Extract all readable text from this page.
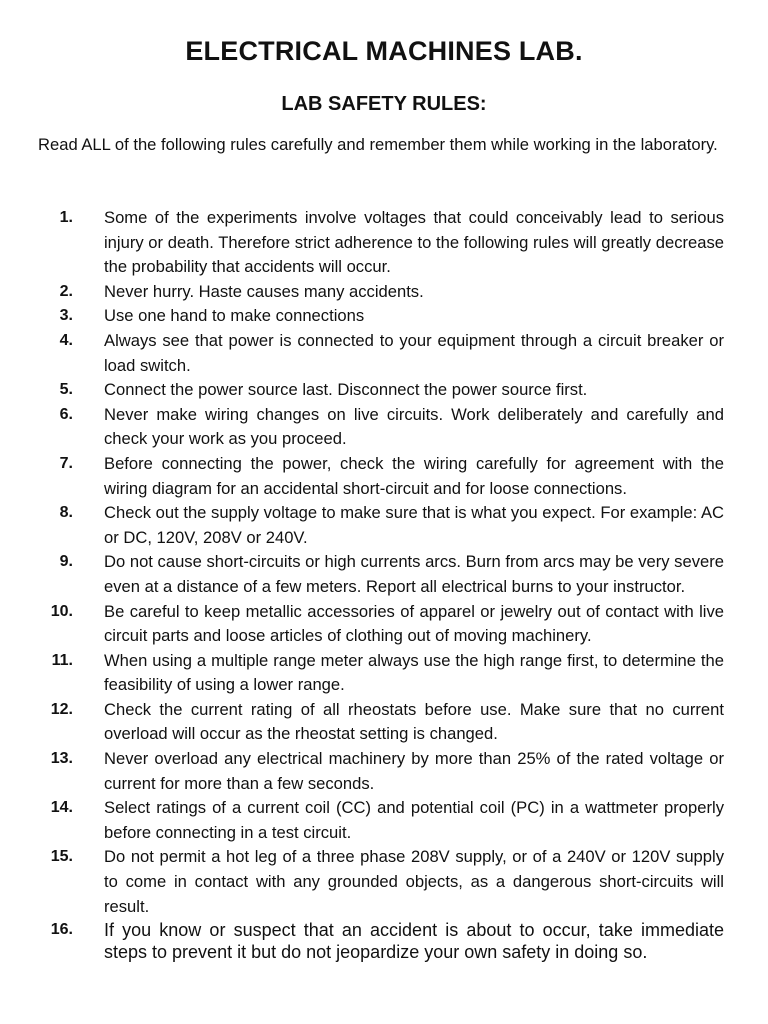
ELECTRICAL MACHINES LAB.
LAB SAFETY RULES:

Read ALL of the following rules carefully and remember them while working in the laboratory.

1. Some of the experiments involve voltages that could conceivably lead to serious injury or death. Therefore strict adherence to the following rules will greatly decrease the probability that accidents will occur.
2. Never hurry. Haste causes many accidents.
3. Use one hand to make connections
4. Always see that power is connected to your equipment through a circuit breaker or load switch.
5. Connect the power source last. Disconnect the power source first.
6. Never make wiring changes on live circuits. Work deliberately and carefully and check your work as you proceed.
7. Before connecting the power, check the wiring carefully for agreement with the wiring diagram for an accidental short-circuit and for loose connections.
8. Check out the supply voltage to make sure that is what you expect. For example: AC or DC, 120V, 208V or 240V.
9. Do not cause short-circuits or high currents arcs. Burn from arcs may be very severe even at a distance of a few meters. Report all electrical burns to your instructor.
10. Be careful to keep metallic accessories of apparel or jewelry out of contact with live circuit parts and loose articles of clothing out of moving machinery.
11. When using a multiple range meter always use the high range first, to determine the feasibility of using a lower range.
12. Check the current rating of all rheostats before use. Make sure that no current overload will occur as the rheostat setting is changed.
13. Never overload any electrical machinery by more than 25% of the rated voltage or current for more than a few seconds.
14. Select ratings of a current coil (CC) and potential coil (PC) in a wattmeter properly before connecting in a test circuit.
15. Do not permit a hot leg of a three phase 208V supply, or of a 240V or 120V supply to come in contact with any grounded objects, as a dangerous short-circuits will result.
16. If you know or suspect that an accident is about to occur, take immediate steps to prevent it but do not jeopardize your own safety in doing so.
